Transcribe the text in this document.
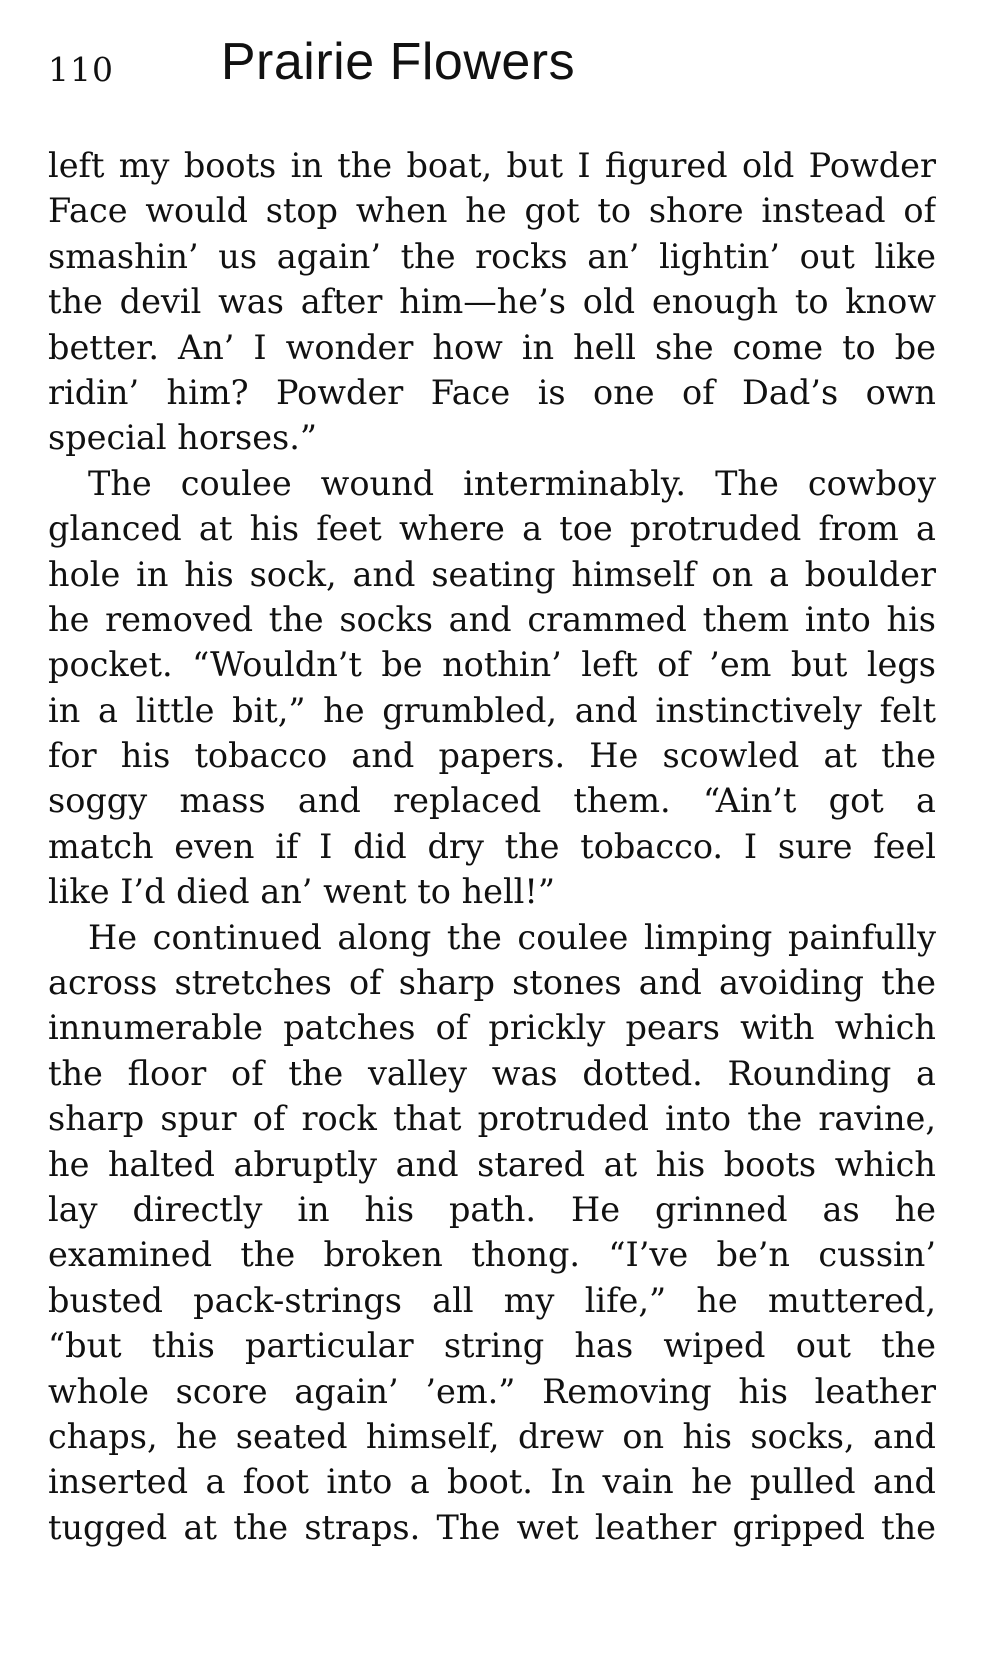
110	Prairie Flowers
left my boots in the boat, but I figured old Powder
Face would stop when he got to shore instead of
smashin’ us again’ the rocks an’ lightin’ out like
the devil was after him—he’s old enough to know
better. An’ I wonder how in hell she come to be
ridin’ him? Powder Face is one of Dad’s own
special horses.”
The coulee wound interminably. The cowboy
glanced at his feet where a toe protruded from a
hole in his sock, and seating himself on a boulder
he removed the socks and crammed them into his
pocket. “Wouldn’t be nothin’ left of ’em but legs
in a little bit,” he grumbled, and instinctively felt
for his tobacco and papers. He scowled at the
soggy mass and replaced them. “Ain’t got a
match even if I did dry the tobacco. I sure feel
like I’d died an’ went to hell!”
He continued along the coulee limping painfully
across stretches of sharp stones and avoiding the
innumerable patches of prickly pears with which
the floor of the valley was dotted. Rounding a
sharp spur of rock that protruded into the ravine,
he halted abruptly and stared at his boots which
lay directly in his path. He grinned as he
examined the broken thong. “I’ve be’n cussin’
busted pack-strings all my life,” he muttered,
“but this particular string has wiped out the
whole score again’ ’em.” Removing his leather
chaps, he seated himself, drew on his socks, and
inserted a foot into a boot. In vain he pulled and
tugged at the straps. The wet leather gripped the
